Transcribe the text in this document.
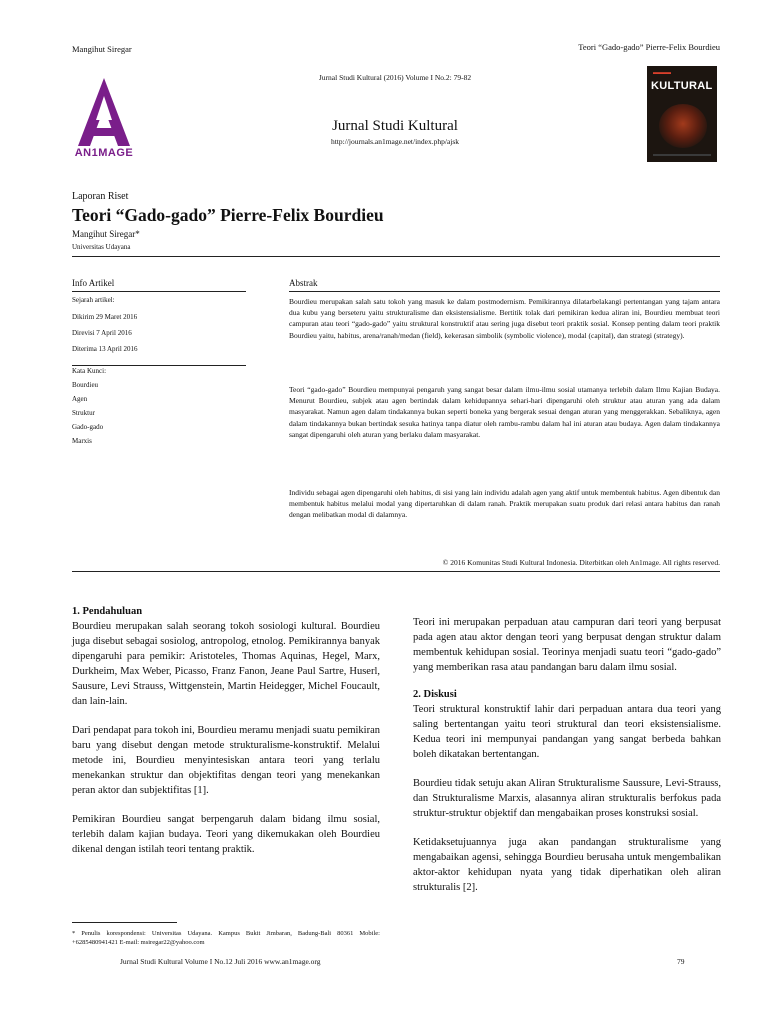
Mangihut Siregar	Teori “Gado-gado” Pierre-Felix Bourdieu
AN1MAGE
Jurnal Studi Kultural (2016) Volume I No.2: 79-82
Jurnal Studi Kultural
http://journals.an1mage.net/index.php/ajsk
▬▬▬
KULTURAL
Laporan Riset
Teori “Gado-gado” Pierre-Felix Bourdieu
Mangihut Siregar*
Universitas Udayana
Info Artikel
Sejarah artikel:
Dikirim 29 Maret 2016
Direvisi 7 April 2016
Diterima 13 April 2016
Kata Kunci:
Bourdieu
Agen
Struktur
Gado-gado
Marxis
Abstrak
Bourdieu merupakan salah satu tokoh yang masuk ke dalam postmodernism. Pemikirannya dilatarbelakangi pertentangan yang tajam antara dua kubu yang berseteru yaitu strukturalisme dan eksistensialisme. Bertitik tolak dari pemikiran kedua aliran ini, Bourdieu membuat teori campuran atau teori “gado-gado” yaitu struktural konstruktif atau sering juga disebut teori praktik sosial. Konsep penting dalam teori praktik Bourdieu yaitu, habitus, arena/ranah/medan (field), kekerasan simbolik (symbolic violence), modal (capital), dan strategi (strategy).
Teori “gado-gado” Bourdieu mempunyai pengaruh yang sangat besar dalam ilmu-ilmu sosial utamanya terlebih dalam Ilmu Kajian Budaya. Menurut Bourdieu, subjek atau agen bertindak dalam kehidupannya sehari-hari dipengaruhi oleh struktur atau aturan yang ada dalam masyarakat. Namun agen dalam tindakannya bukan seperti boneka yang bergerak sesuai dengan aturan yang menggerakkan. Sebaliknya, agen dalam tindakannya bukan bertindak sesuka hatinya tanpa diatur oleh rambu-rambu dalam hal ini aturan atau budaya. Agen dalam tindakannya sangat dipengaruhi oleh aturan yang berlaku dalam masyarakat.
Individu sebagai agen dipengaruhi oleh habitus, di sisi yang lain individu adalah agen yang aktif untuk membentuk habitus. Agen dibentuk dan membentuk habitus melalui modal yang dipertaruhkan di dalam ranah. Praktik merupakan suatu produk dari relasi antara habitus dan ranah dengan melibatkan modal di dalamnya.
© 2016 Komunitas Studi Kultural Indonesia. Diterbitkan oleh An1mage. All rights reserved.
1. Pendahuluan

Bourdieu merupakan salah seorang tokoh sosiologi kultural. Bourdieu juga disebut sebagai sosiolog, antropolog, etnolog. Pemikirannya banyak dipengaruhi para pemikir: Aristoteles, Thomas Aquinas, Hegel, Marx, Durkheim, Max Weber, Picasso, Franz Fanon, Jeane Paul Sartre, Huserl, Sausure, Levi Strauss, Wittgenstein, Martin Heidegger, Michel Foucault, dan lain-lain.

Dari pendapat para tokoh ini, Bourdieu meramu menjadi suatu pemikiran baru yang disebut dengan metode strukturalisme-konstruktif. Melalui metode ini, Bourdieu menyintesiskan antara teori yang terlalu menekankan struktur dan objektifitas dengan teori yang menekankan peran aktor dan subjektifitas [1].

Pemikiran Bourdieu sangat berpengaruh dalam bidang ilmu sosial, terlebih dalam kajian budaya. Teori yang dikemukakan oleh Bourdieu dikenal dengan istilah teori tentang praktik.

Teori ini merupakan perpaduan atau campuran dari teori yang berpusat pada agen atau aktor dengan teori yang berpusat dengan struktur dalam membentuk kehidupan sosial. Teorinya menjadi suatu teori “gado-gado” yang memberikan rasa atau pandangan baru dalam ilmu sosial.

2. Diskusi

Teori struktural konstruktif lahir dari perpaduan antara dua teori yang saling bertentangan yaitu teori struktural dan teori eksistensialisme. Kedua teori ini mempunyai pandangan yang sangat berbeda bahkan boleh dikatakan bertentangan.

Bourdieu tidak setuju akan Aliran Strukturalisme Saussure, Levi-Strauss, dan Strukturalisme Marxis, alasannya aliran strukturalis berfokus pada struktur-struktur objektif dan mengabaikan proses konstruksi sosial.

Ketidaksetujuannya juga akan pandangan strukturalisme yang mengabaikan agensi, sehingga Bourdieu berusaha untuk mengembalikan aktor-aktor kehidupan nyata yang tidak diperhatikan oleh aliran strukturalis [2].

* Penulis korespondensi: Universitas Udayana. Kampus Bukit Jimbaran, Badung-Bali 80361 Mobile: +6285480941421 E-mail: msiregar22@yahoo.com
Jurnal Studi Kultural Volume I No.12 Juli 2016 www.an1mage.org	79
